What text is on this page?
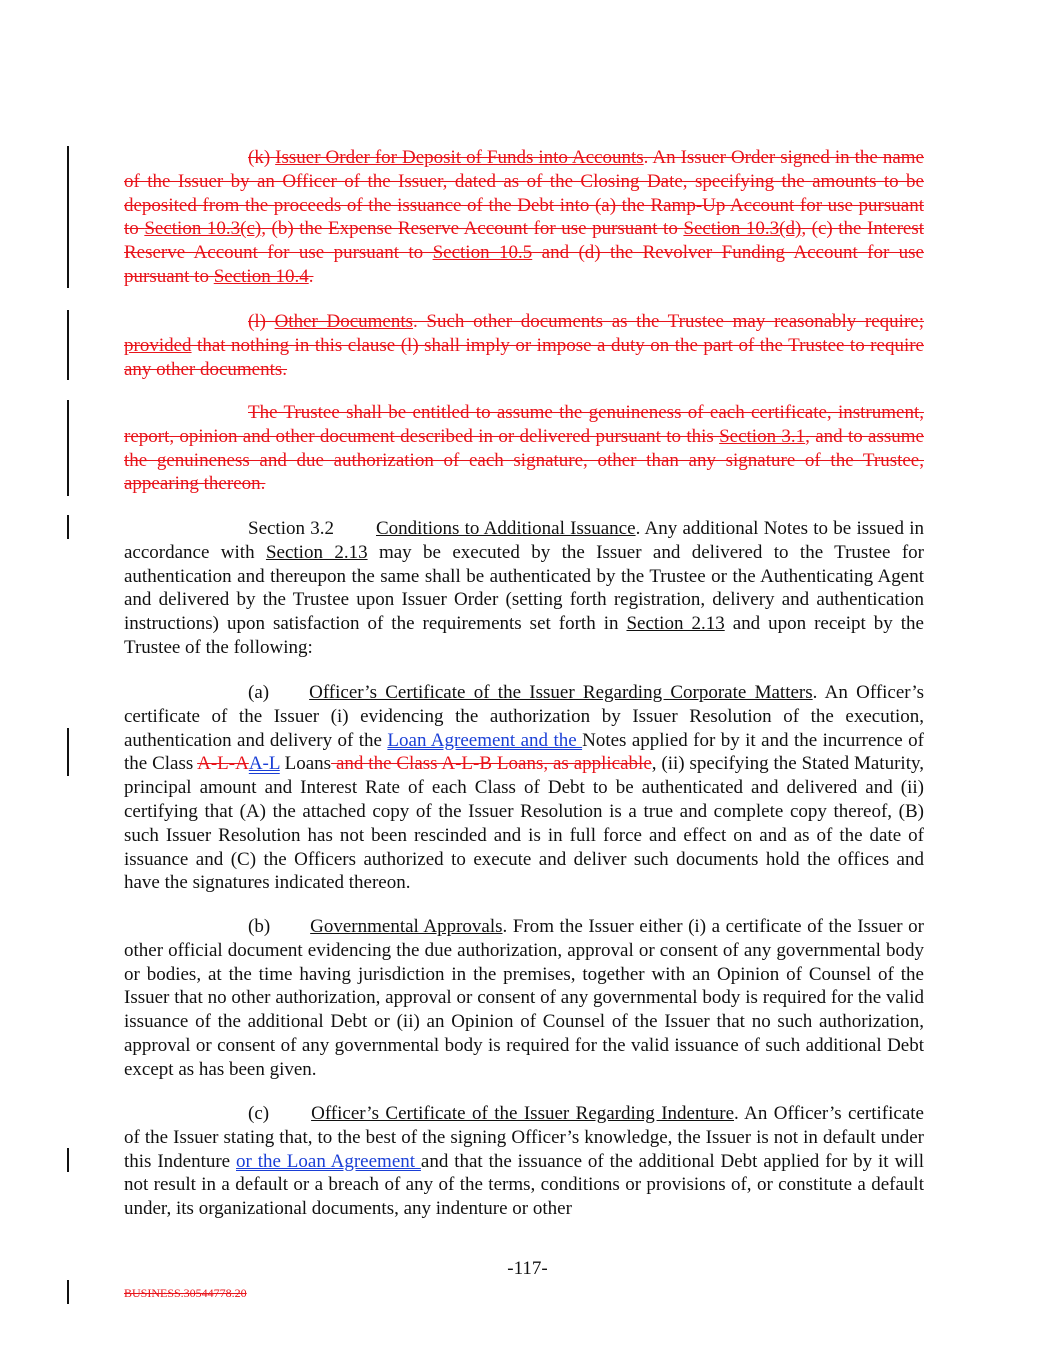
(k) Issuer Order for Deposit of Funds into Accounts. An Issuer Order signed in the name of the Issuer by an Officer of the Issuer, dated as of the Closing Date, specifying the amounts to be deposited from the proceeds of the issuance of the Debt into (a) the Ramp-Up Account for use pursuant to Section 10.3(c), (b) the Expense Reserve Account for use pursuant to Section 10.3(d), (c) the Interest Reserve Account for use pursuant to Section 10.5 and (d) the Revolver Funding Account for use pursuant to Section 10.4.
(l) Other Documents. Such other documents as the Trustee may reasonably require; provided that nothing in this clause (l) shall imply or impose a duty on the part of the Trustee to require any other documents.
The Trustee shall be entitled to assume the genuineness of each certificate, instrument, report, opinion and other document described in or delivered pursuant to this Section 3.1, and to assume the genuineness and due authorization of each signature, other than any signature of the Trustee, appearing thereon.
Section 3.2 Conditions to Additional Issuance. Any additional Notes to be issued in accordance with Section 2.13 may be executed by the Issuer and delivered to the Trustee for authentication and thereupon the same shall be authenticated by the Trustee or the Authenticating Agent and delivered by the Trustee upon Issuer Order (setting forth registration, delivery and authentication instructions) upon satisfaction of the requirements set forth in Section 2.13 and upon receipt by the Trustee of the following:
(a) Officer’s Certificate of the Issuer Regarding Corporate Matters. An Officer’s certificate of the Issuer (i) evidencing the authorization by Issuer Resolution of the execution, authentication and delivery of the Loan Agreement and the Notes applied for by it and the incurrence of the Class A-L-AA-L Loans and the Class A-L-B Loans, as applicable, (ii) specifying the Stated Maturity, principal amount and Interest Rate of each Class of Debt to be authenticated and delivered and (ii) certifying that (A) the attached copy of the Issuer Resolution is a true and complete copy thereof, (B) such Issuer Resolution has not been rescinded and is in full force and effect on and as of the date of issuance and (C) the Officers authorized to execute and deliver such documents hold the offices and have the signatures indicated thereon.
(b) Governmental Approvals. From the Issuer either (i) a certificate of the Issuer or other official document evidencing the due authorization, approval or consent of any governmental body or bodies, at the time having jurisdiction in the premises, together with an Opinion of Counsel of the Issuer that no other authorization, approval or consent of any governmental body is required for the valid issuance of the additional Debt or (ii) an Opinion of Counsel of the Issuer that no such authorization, approval or consent of any governmental body is required for the valid issuance of such additional Debt except as has been given.
(c) Officer’s Certificate of the Issuer Regarding Indenture. An Officer’s certificate of the Issuer stating that, to the best of the signing Officer’s knowledge, the Issuer is not in default under this Indenture or the Loan Agreement and that the issuance of the additional Debt applied for by it will not result in a default or a breach of any of the terms, conditions or provisions of, or constitute a default under, its organizational documents, any indenture or other
-117-
BUSINESS.30544778.20
